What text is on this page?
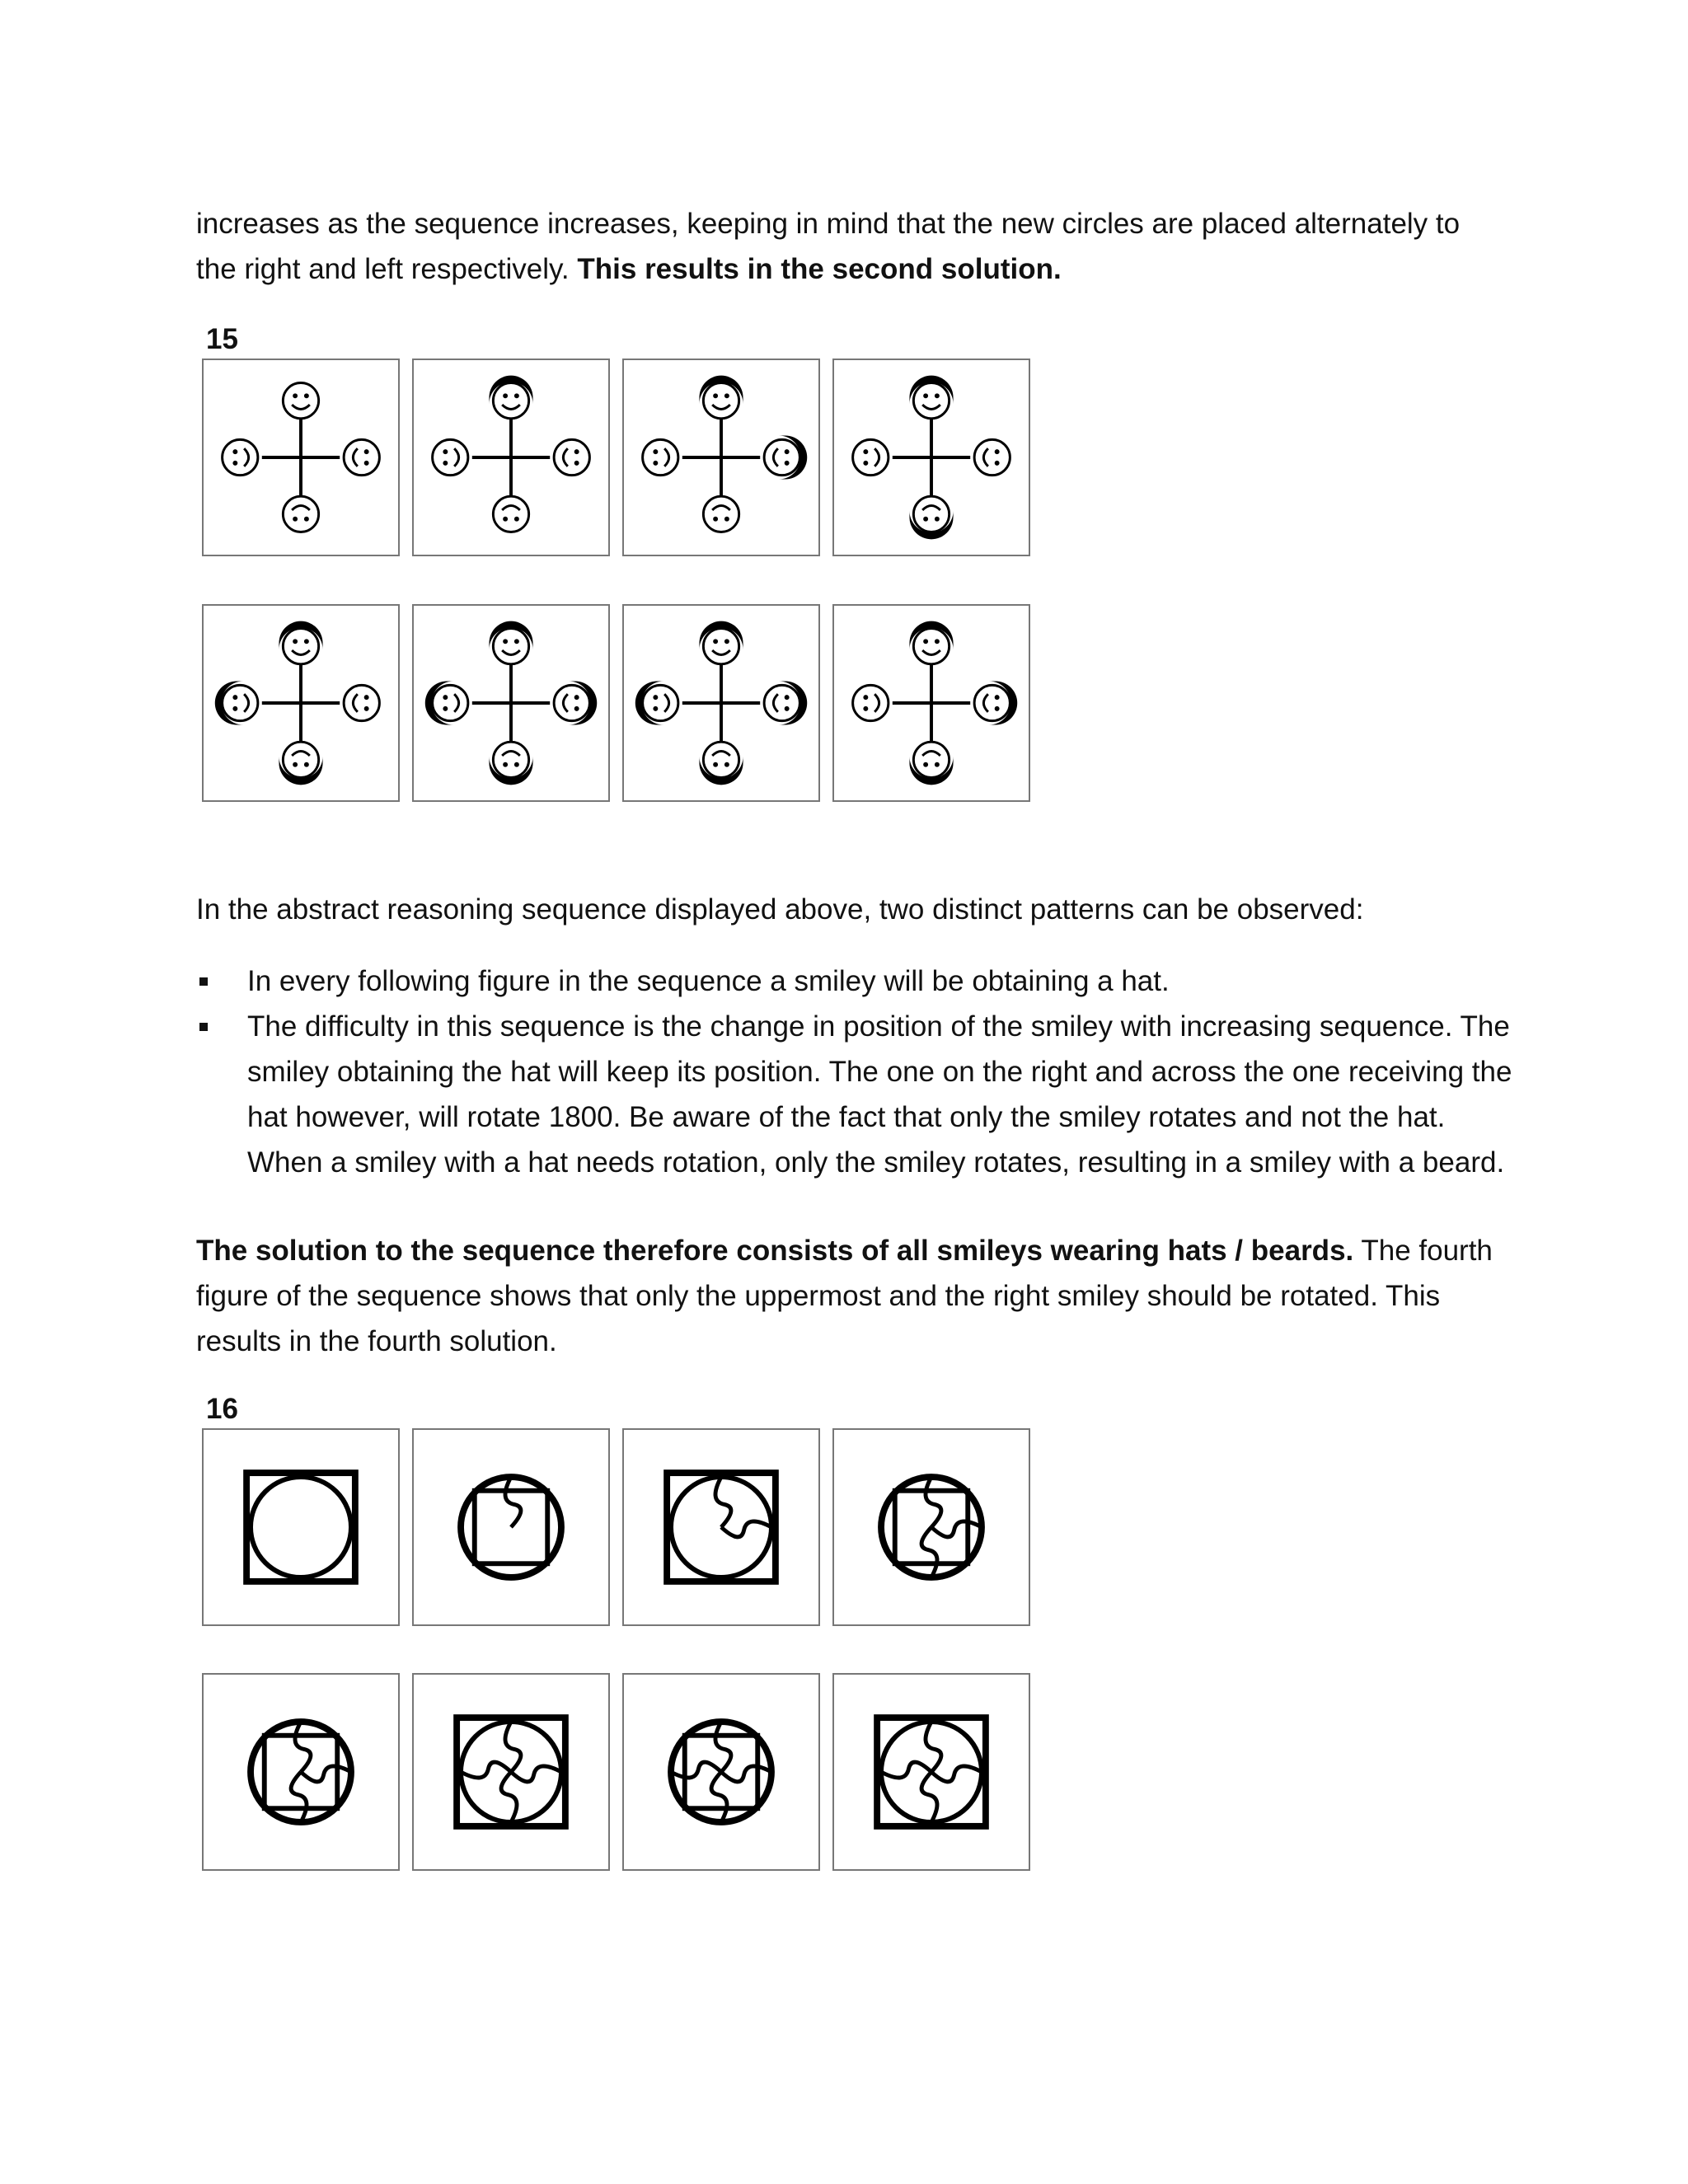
increases as the sequence increases, keeping in mind that the new circles are placed alternately to the right and left respectively. This results in the second solution.

15

In the abstract reasoning sequence displayed above, two distinct patterns can be observed:

In every following figure in the sequence a smiley will be obtaining a hat.
The difficulty in this sequence is the change in position of the smiley with increasing sequence. The smiley obtaining the hat will keep its position. The one on the right and across the one receiving the hat however, will rotate 1800. Be aware of the fact that only the smiley rotates and not the hat. When a smiley with a hat needs rotation, only the smiley rotates, resulting in a smiley with a beard.

The solution to the sequence therefore consists of all smileys wearing hats / beards. The fourth figure of the sequence shows that only the uppermost and the right smiley should be rotated. This results in the fourth solution.

16
